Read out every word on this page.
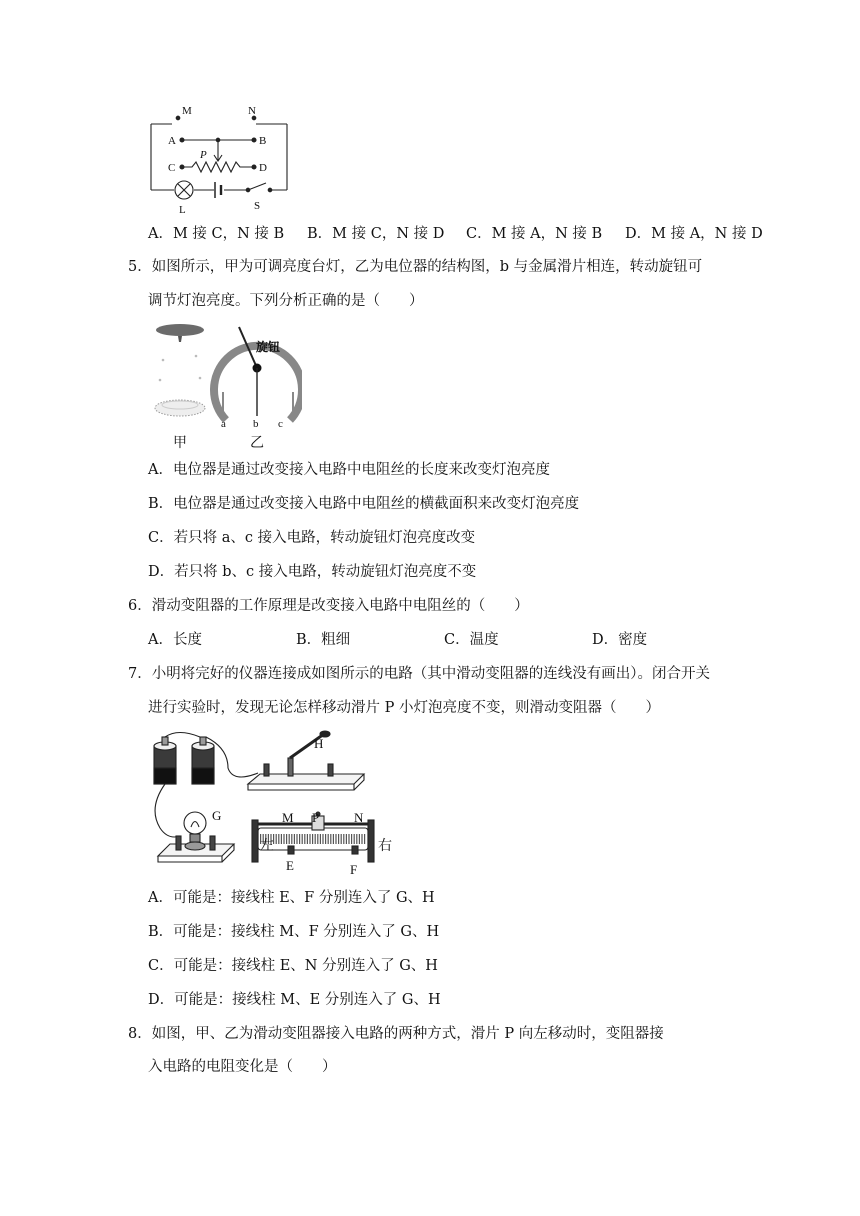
M	N
A	B
P
C	D
L	S
A．M 接 C，N 接 B B．M 接 C，N 接 D C．M 接 A，N 接 B D．M 接 A，N 接 D
5．如图所示，甲为可调亮度台灯，乙为电位器的结构图，b 与金属滑片相连，转动旋钮可
调节灯泡亮度。下列分析正确的是（　　）
甲
旋钮
a b c
乙
A．电位器是通过改变接入电路中电阻丝的长度来改变灯泡亮度
B．电位器是通过改变接入电路中电阻丝的横截面积来改变灯泡亮度
C．若只将 a、c 接入电路，转动旋钮灯泡亮度改变
D．若只将 b、c 接入电路，转动旋钮灯泡亮度不变
6．滑动变阻器的工作原理是改变接入电路中电阻丝的（　　）
A．长度	B．粗细	C．温度	D．密度
7．小明将完好的仪器连接成如图所示的电路（其中滑动变阻器的连线没有画出）。闭合开关
进行实验时，发现无论怎样移动滑片 P 小灯泡亮度不变，则滑动变阻器（　　）
H
G	M P	N
左	右
E	F
A．可能是：接线柱 E、F 分别连入了 G、H
B．可能是：接线柱 M、F 分别连入了 G、H
C．可能是：接线柱 E、N 分别连入了 G、H
D．可能是：接线柱 M、E 分别连入了 G、H
8．如图，甲、乙为滑动变阻器接入电路的两种方式，滑片 P 向左移动时，变阻器接
入电路的电阻变化是（　　）
